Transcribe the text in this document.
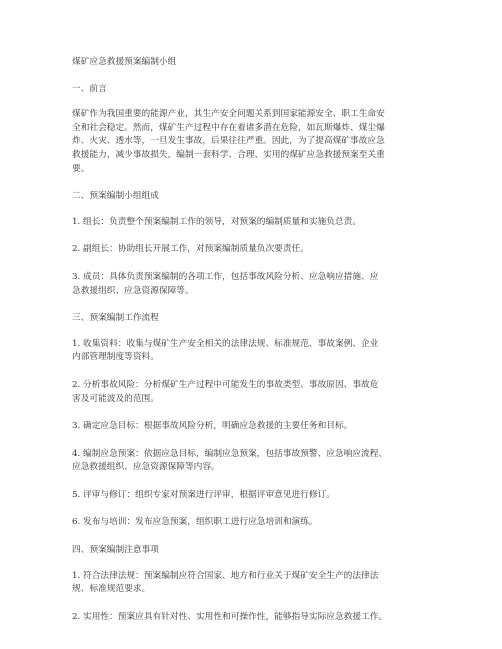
煤矿应急救援预案编制小组

一、前言

煤矿作为我国重要的能源产业，其生产安全问题关系到国家能源安全、职工生命安
全和社会稳定。然而，煤矿生产过程中存在着诸多潜在危险，如瓦斯爆炸、煤尘爆
炸、火灾、透水等，一旦发生事故，后果往往严重。因此，为了提高煤矿事故应急
救援能力，减少事故损失，编制一套科学、合理、实用的煤矿应急救援预案至关重
要。

二、预案编制小组组成

1. 组长：负责整个预案编制工作的领导，对预案的编制质量和实施负总责。
2. 副组长：协助组长开展工作，对预案编制质量负次要责任。
3. 成员：具体负责预案编制的各项工作，包括事故风险分析、应急响应措施、应
急救援组织、应急资源保障等。

三、预案编制工作流程

1. 收集资料：收集与煤矿生产安全相关的法律法规、标准规范、事故案例、企业
内部管理制度等资料。
2. 分析事故风险：分析煤矿生产过程中可能发生的事故类型、事故原因、事故危
害及可能波及的范围。
3. 确定应急目标：根据事故风险分析，明确应急救援的主要任务和目标。
4. 编制应急预案：依据应急目标，编制应急预案，包括事故预警、应急响应流程、
应急救援组织、应急资源保障等内容。
5. 评审与修订：组织专家对预案进行评审，根据评审意见进行修订。
6. 发布与培训：发布应急预案，组织职工进行应急培训和演练。

四、预案编制注意事项

1. 符合法律法规：预案编制应符合国家、地方和行业关于煤矿安全生产的法律法
规、标准规范要求。
2. 实用性：预案应具有针对性、实用性和可操作性，能够指导实际应急救援工作。
